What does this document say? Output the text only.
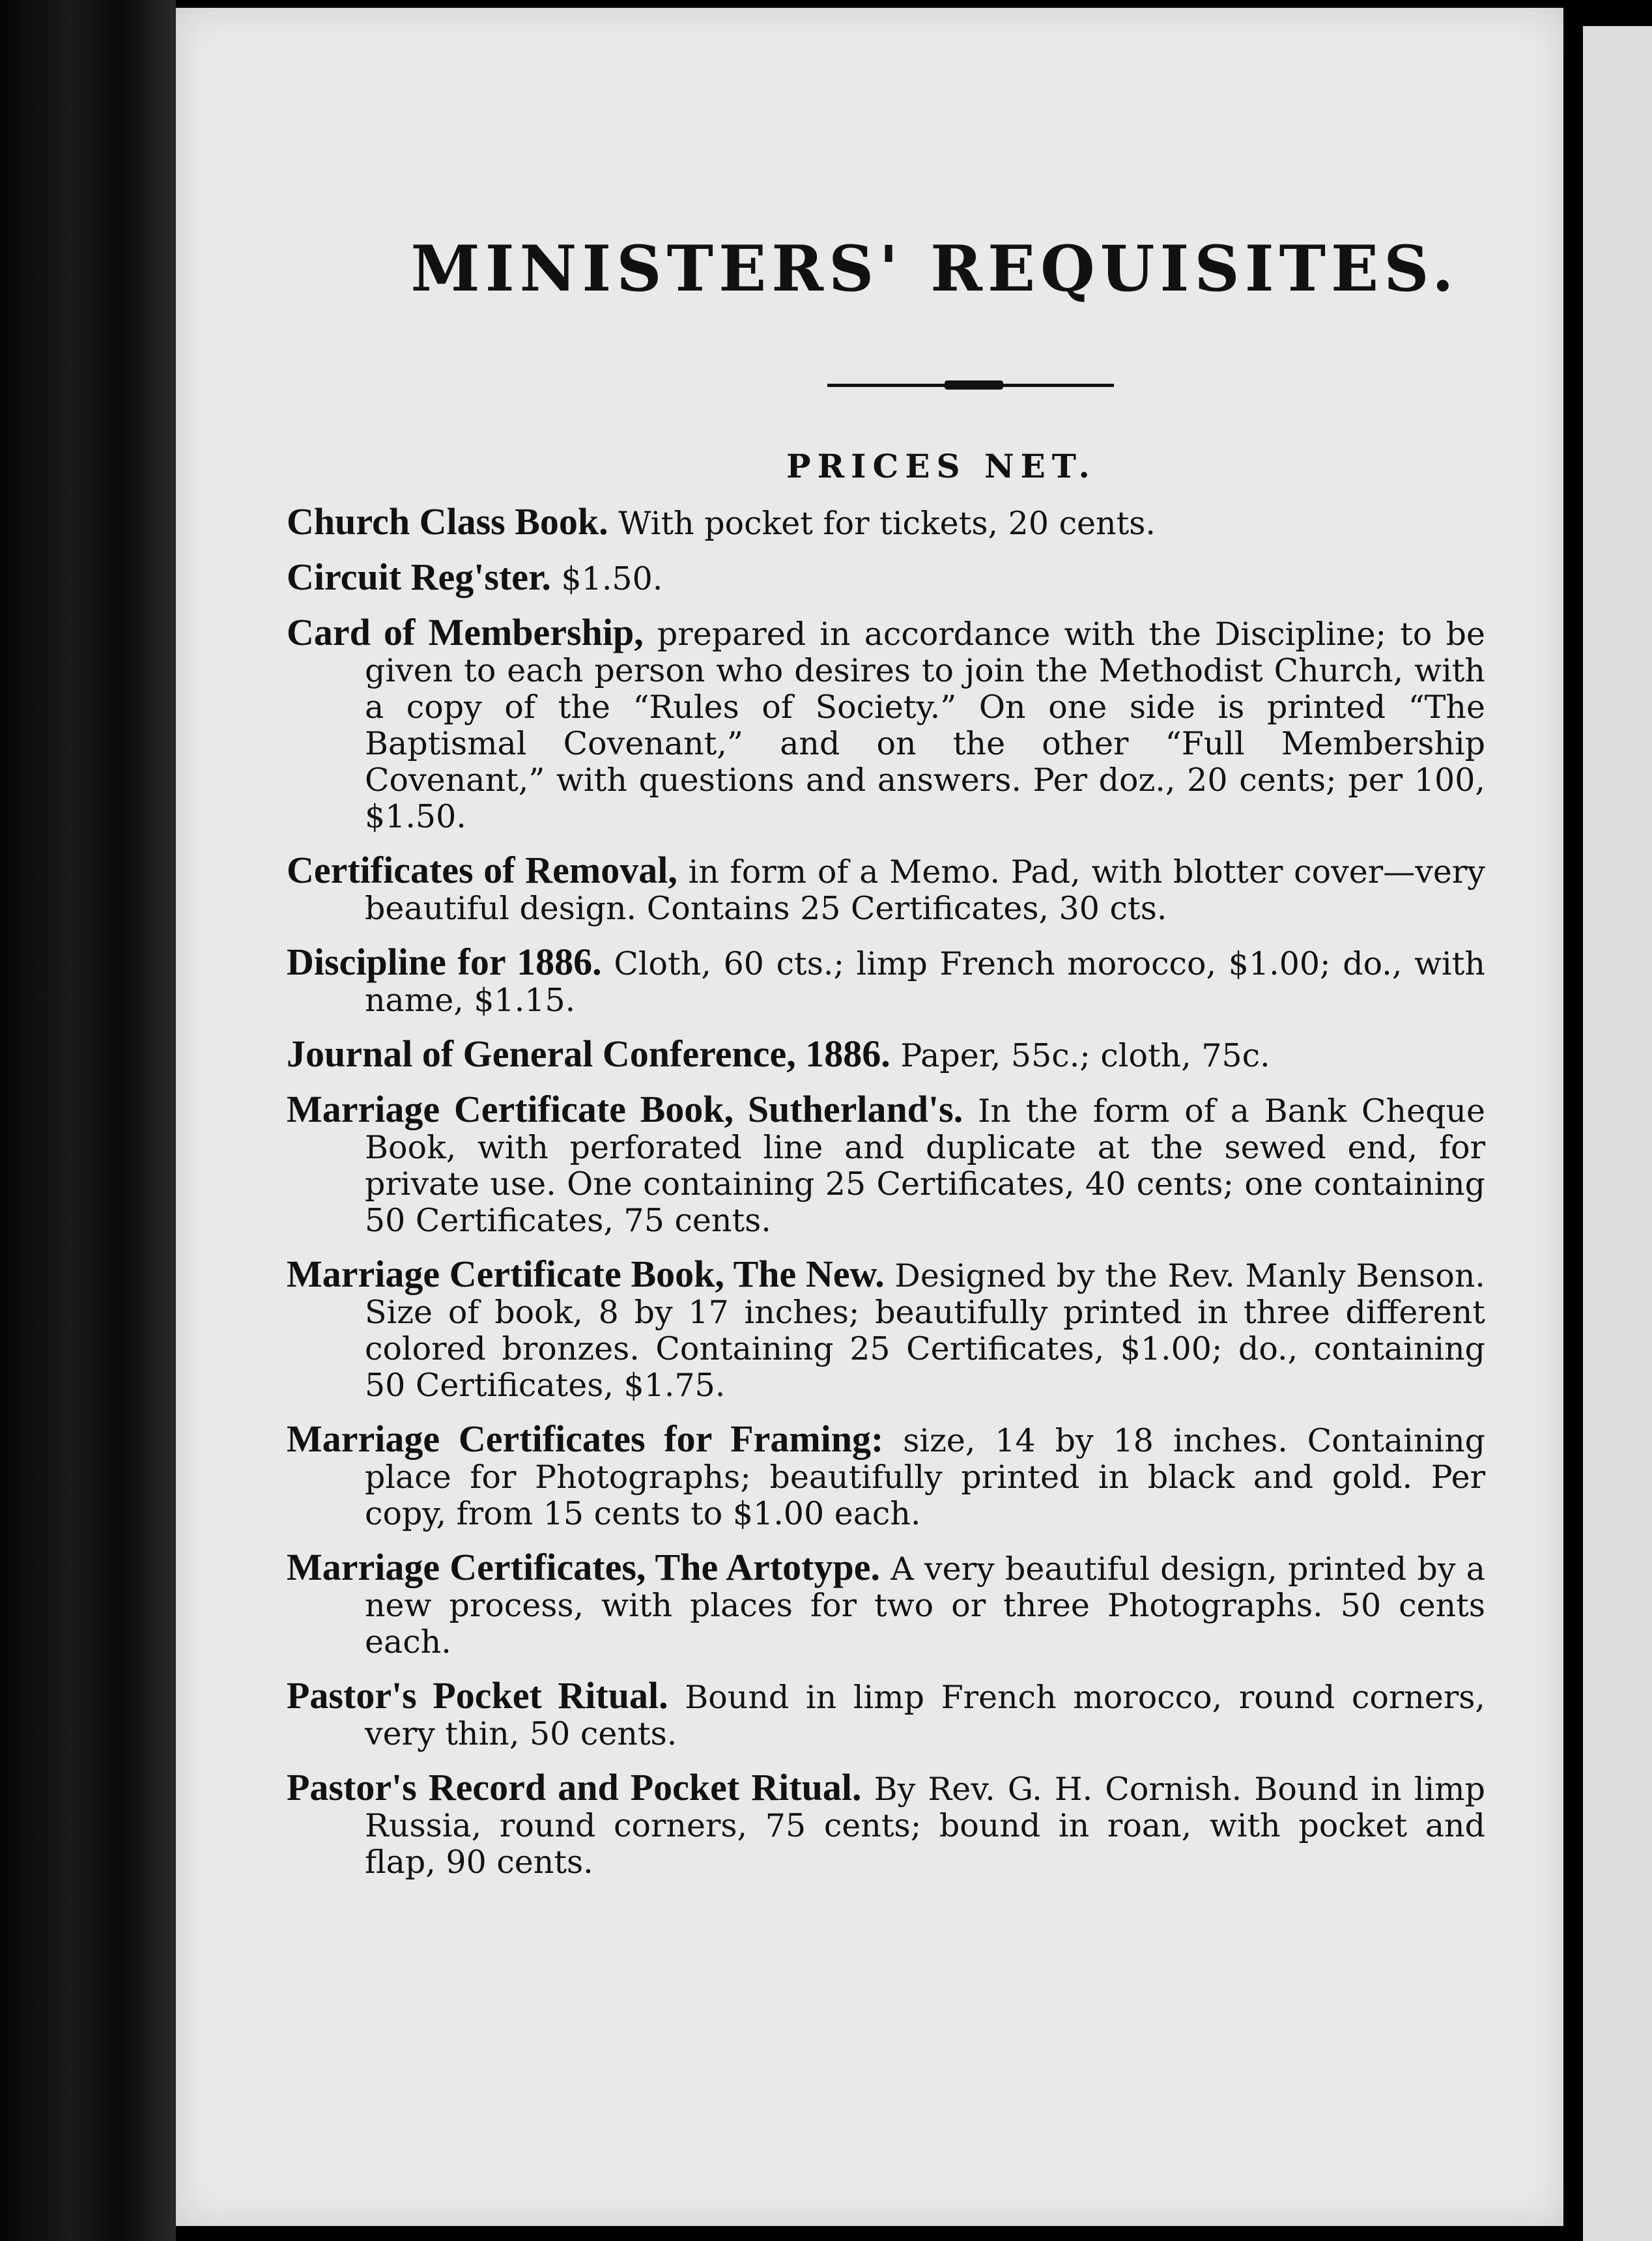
MINISTERS' REQUISITES.
PRICES NET.

Church Class Book. With pocket for tickets, 20 cents.

Circuit Reg'ster. $1.50.

Card of Membership, prepared in accordance with the Discipline; to be given to each person who desires to join the Methodist Church, with a copy of the “Rules of Society.” On one side is printed “The Baptismal Covenant,” and on the other “Full Membership Covenant,” with questions and answers. Per doz., 20 cents; per 100, $1.50.

Certificates of Removal, in form of a Memo. Pad, with blotter cover—very beautiful design. Contains 25 Certificates, 30 cts.

Discipline for 1886. Cloth, 60 cts.; limp French morocco, $1.00; do., with name, $1.15.

Journal of General Conference, 1886. Paper, 55c.; cloth, 75c.

Marriage Certificate Book, Sutherland's. In the form of a Bank Cheque Book, with perforated line and duplicate at the sewed end, for private use. One containing 25 Certificates, 40 cents; one containing 50 Certificates, 75 cents.

Marriage Certificate Book, The New. Designed by the Rev. Manly Benson. Size of book, 8 by 17 inches; beautifully printed in three different colored bronzes. Containing 25 Certificates, $1.00; do., containing 50 Certificates, $1.75.

Marriage Certificates for Framing: size, 14 by 18 inches. Containing place for Photographs; beautifully printed in black and gold. Per copy, from 15 cents to $1.00 each.

Marriage Certificates, The Artotype. A very beautiful design, printed by a new process, with places for two or three Photographs. 50 cents each.

Pastor's Pocket Ritual. Bound in limp French morocco, round corners, very thin, 50 cents.

Pastor's Record and Pocket Ritual. By Rev. G. H. Cornish. Bound in limp Russia, round corners, 75 cents; bound in roan, with pocket and flap, 90 cents.
